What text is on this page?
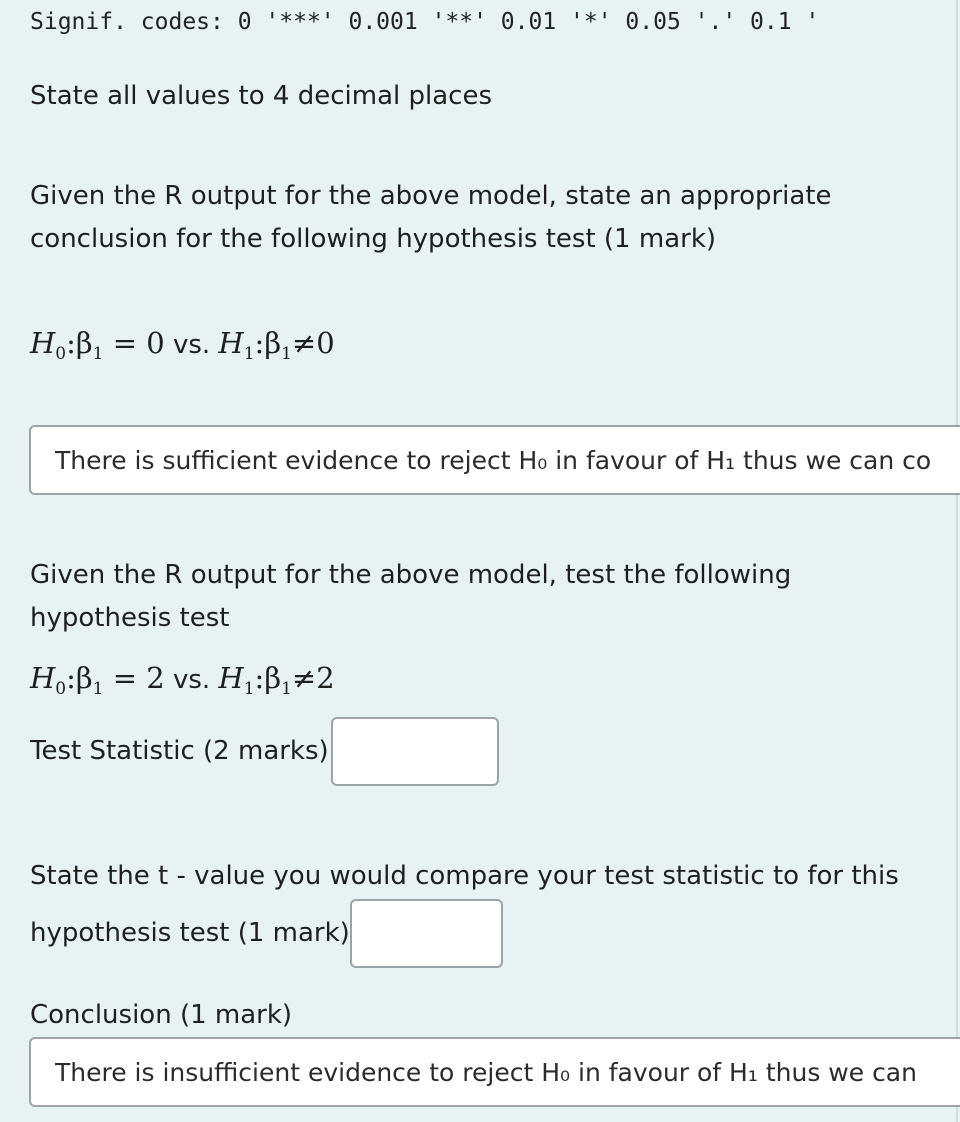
Signif. codes: 0 '***' 0.001 '**' 0.01 '*' 0.05 '.' 0.1 '
State all values to 4 decimal places
Given the R output for the above model, state an appropriate
conclusion for the following hypothesis test (1 mark)
$H_0:\beta_1 = 0$ vs. $H_1:\beta_1\ne 0$
There is sufficient evidence to reject H₀ in favour of H₁ thus we can co
Given the R output for the above model, test the following
hypothesis test
$H_0:\beta_1 = 2$ vs. $H_1:\beta_1\ne 2$
Test Statistic (2 marks)
State the t - value you would compare your test statistic to for this
hypothesis test (1 mark)
Conclusion (1 mark)
There is insufficient evidence to reject H₀ in favour of H₁ thus we can
